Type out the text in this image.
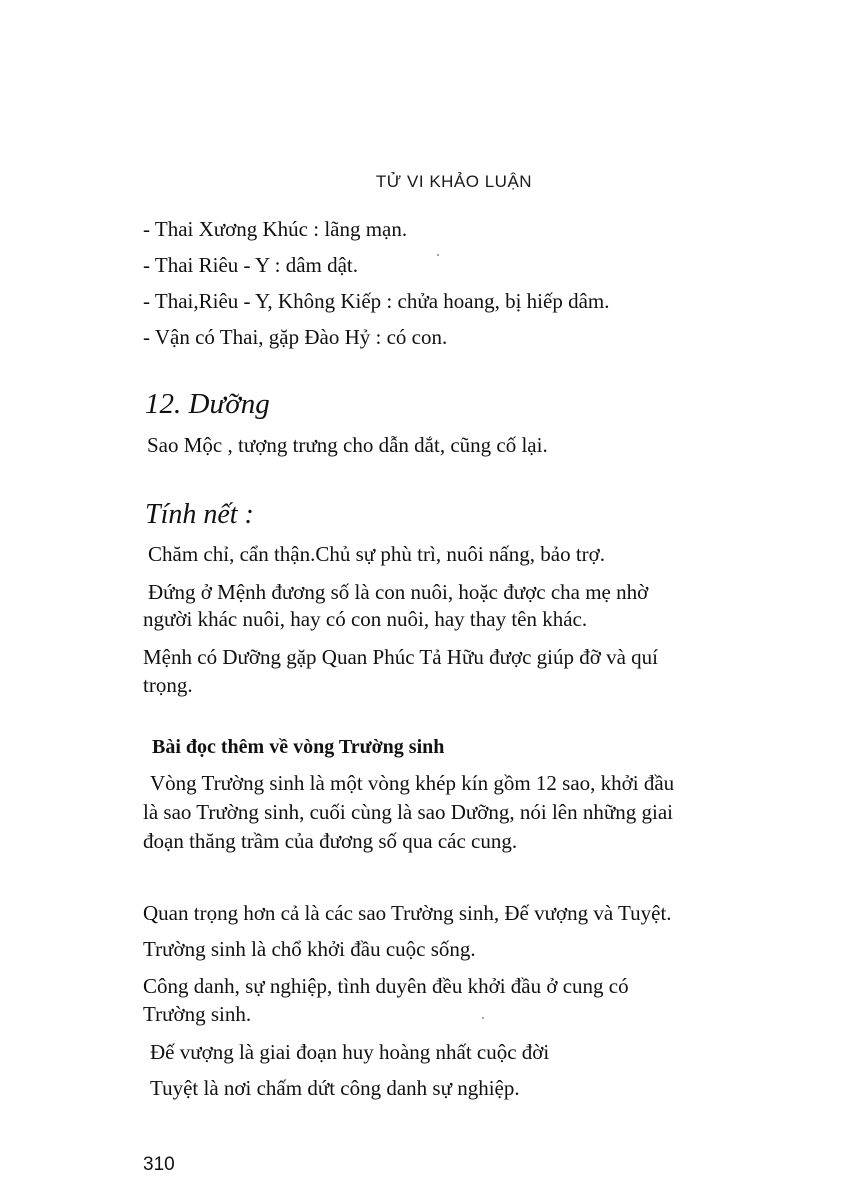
TỬ VI KHẢO LUẬN
- Thai Xương Khúc : lãng mạn.
- Thai Riêu - Y : dâm dật.
- Thai,Riêu - Y, Không Kiếp : chửa hoang, bị hiếp dâm.
- Vận có Thai, gặp Đào Hỷ : có con.
12. Dưỡng
Sao Mộc , tượng trưng cho dẫn dắt, cũng cố lại.
Tính nết :
Chăm chỉ, cẩn thận.Chủ sự phù trì, nuôi nấng, bảo trợ.
Đứng ở Mệnh đương số là con nuôi, hoặc được cha mẹ nhờ
người khác nuôi, hay có con nuôi, hay thay tên khác.
Mệnh có Dưỡng gặp Quan Phúc Tả Hữu được giúp đỡ và quí
trọng.
Bài đọc thêm về vòng Trường sinh
Vòng Trường sinh là một vòng khép kín gồm 12 sao, khởi đầu
là sao Trường sinh, cuối cùng là sao Dưỡng, nói lên những giai
đoạn thăng trầm của đương số qua các cung.
Quan trọng hơn cả là các sao Trường sinh, Đế vượng và Tuyệt.
Trường sinh là chổ khởi đầu cuộc sống.
Công danh, sự nghiệp, tình duyên đều khởi đầu ở cung có
Trường sinh.
Đế vượng là giai đoạn huy hoàng nhất cuộc đời
Tuyệt là nơi chấm dứt công danh sự nghiệp.
310
